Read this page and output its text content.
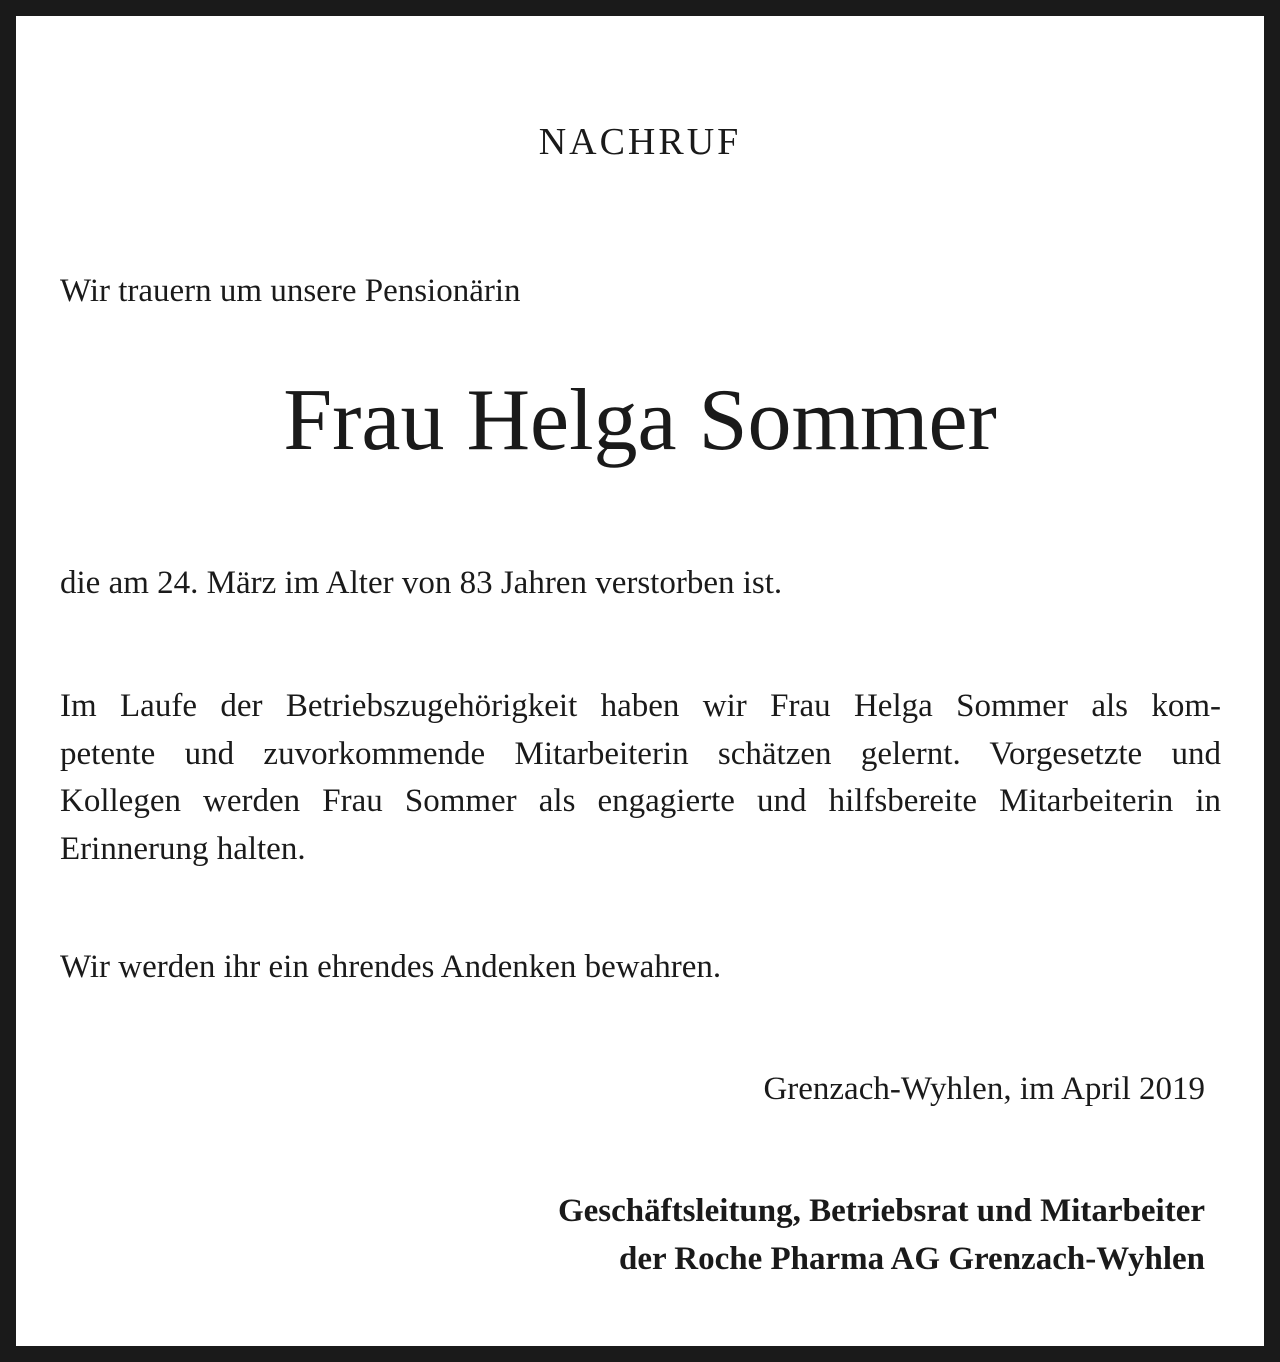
NACHRUF
Wir trauern um unsere Pensionärin
Frau Helga Sommer
die am 24. März im Alter von 83 Jahren verstorben ist.
Im Laufe der Betriebszugehörigkeit haben wir Frau Helga Sommer als kom-
petente und zuvorkommende Mitarbeiterin schätzen gelernt. Vorgesetzte und
Kollegen werden Frau Sommer als engagierte und hilfsbereite Mitarbeiterin in
Erinnerung halten.
Wir werden ihr ein ehrendes Andenken bewahren.
Grenzach-Wyhlen, im April 2019
Geschäftsleitung, Betriebsrat und Mitarbeiter
der Roche Pharma AG Grenzach-Wyhlen
